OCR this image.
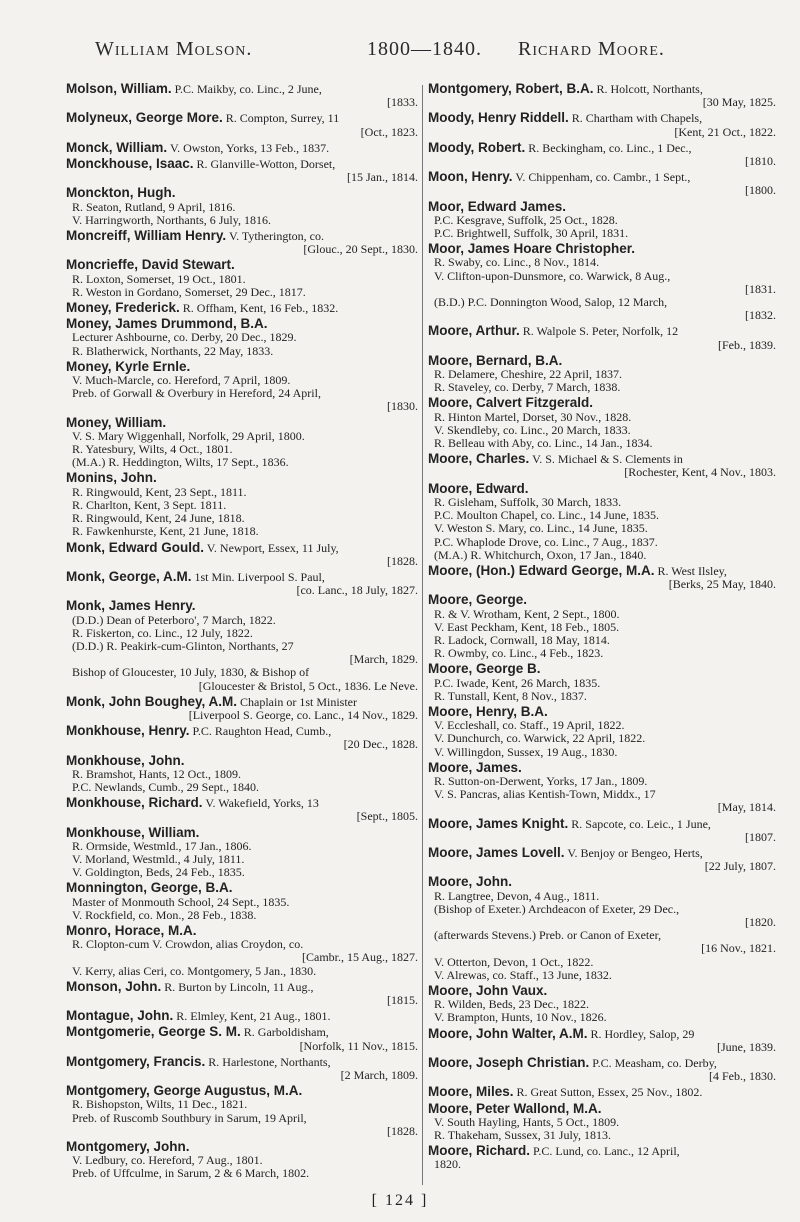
William Molson.	1800—1840. Richard Moore.
Molson, William. P.C. Maikby, co. Linc., 2 June,
[1833.
Molyneux, George More. R. Compton, Surrey, 11
[Oct., 1823.
Monck, William. V. Owston, Yorks, 13 Feb., 1837.
Monckhouse, Isaac. R. Glanville-Wotton, Dorset,
[15 Jan., 1814.
Monckton, Hugh.
R. Seaton, Rutland, 9 April, 1816.
V. Harringworth, Northants, 6 July, 1816.
Moncreiff, William Henry. V. Tytherington, co.
[Glouc., 20 Sept., 1830.
Moncrieffe, David Stewart.
R. Loxton, Somerset, 19 Oct., 1801.
R. Weston in Gordano, Somerset, 29 Dec., 1817.
Money, Frederick. R. Offham, Kent, 16 Feb., 1832.
Money, James Drummond, B.A.
Lecturer Ashbourne, co. Derby, 20 Dec., 1829.
R. Blatherwick, Northants, 22 May, 1833.
Money, Kyrle Ernle.
V. Much-Marcle, co. Hereford, 7 April, 1809.
Preb. of Gorwall & Overbury in Hereford, 24 April,
[1830.
Money, William.
V. S. Mary Wiggenhall, Norfolk, 29 April, 1800.
R. Yatesbury, Wilts, 4 Oct., 1801.
(M.A.) R. Heddington, Wilts, 17 Sept., 1836.
Monins, John.
R. Ringwould, Kent, 23 Sept., 1811.
R. Charlton, Kent, 3 Sept. 1811.
R. Ringwould, Kent, 24 June, 1818.
R. Fawkenhurste, Kent, 21 June, 1818.
Monk, Edward Gould. V. Newport, Essex, 11 July,
[1828.
Monk, George, A.M. 1st Min. Liverpool S. Paul,
[co. Lanc., 18 July, 1827.
Monk, James Henry.
(D.D.) Dean of Peterboro', 7 March, 1822.
R. Fiskerton, co. Linc., 12 July, 1822.
(D.D.) R. Peakirk-cum-Glinton, Northants, 27
[March, 1829.
Bishop of Gloucester, 10 July, 1830, & Bishop of
[Gloucester & Bristol, 5 Oct., 1836. Le Neve.
Monk, John Boughey, A.M. Chaplain or 1st Minister
[Liverpool S. George, co. Lanc., 14 Nov., 1829.
Monkhouse, Henry. P.C. Raughton Head, Cumb.,
[20 Dec., 1828.
Monkhouse, John.
R. Bramshot, Hants, 12 Oct., 1809.
P.C. Newlands, Cumb., 29 Sept., 1840.
Monkhouse, Richard. V. Wakefield, Yorks, 13
[Sept., 1805.
Monkhouse, William.
R. Ormside, Westmld., 17 Jan., 1806.
V. Morland, Westmld., 4 July, 1811.
V. Goldington, Beds, 24 Feb., 1835.
Monnington, George, B.A.
Master of Monmouth School, 24 Sept., 1835.
V. Rockfield, co. Mon., 28 Feb., 1838.
Monro, Horace, M.A.
R. Clopton-cum V. Crowdon, alias Croydon, co.
[Cambr., 15 Aug., 1827.
V. Kerry, alias Ceri, co. Montgomery, 5 Jan., 1830.
Monson, John. R. Burton by Lincoln, 11 Aug.,
[1815.
Montague, John. R. Elmley, Kent, 21 Aug., 1801.
Montgomerie, George S. M. R. Garboldisham,
[Norfolk, 11 Nov., 1815.
Montgomery, Francis. R. Harlestone, Northants,
[2 March, 1809.
Montgomery, George Augustus, M.A.
R. Bishopston, Wilts, 11 Dec., 1821.
Preb. of Ruscomb Southbury in Sarum, 19 April,
[1828.
Montgomery, John.
V. Ledbury, co. Hereford, 7 Aug., 1801.
Preb. of Uffculme, in Sarum, 2 & 6 March, 1802.
Montgomery, Robert, B.A. R. Holcott, Northants,
[30 May, 1825.
Moody, Henry Riddell. R. Chartham with Chapels,
[Kent, 21 Oct., 1822.
Moody, Robert. R. Beckingham, co. Linc., 1 Dec.,
[1810.
Moon, Henry. V. Chippenham, co. Cambr., 1 Sept.,
[1800.
Moor, Edward James.
P.C. Kesgrave, Suffolk, 25 Oct., 1828.
P.C. Brightwell, Suffolk, 30 April, 1831.
Moor, James Hoare Christopher.
R. Swaby, co. Linc., 8 Nov., 1814.
V. Clifton-upon-Dunsmore, co. Warwick, 8 Aug.,
[1831.
(B.D.) P.C. Donnington Wood, Salop, 12 March,
[1832.
Moore, Arthur. R. Walpole S. Peter, Norfolk, 12
[Feb., 1839.
Moore, Bernard, B.A.
R. Delamere, Cheshire, 22 April, 1837.
R. Staveley, co. Derby, 7 March, 1838.
Moore, Calvert Fitzgerald.
R. Hinton Martel, Dorset, 30 Nov., 1828.
V. Skendleby, co. Linc., 20 March, 1833.
R. Belleau with Aby, co. Linc., 14 Jan., 1834.
Moore, Charles. V. S. Michael & S. Clements in
[Rochester, Kent, 4 Nov., 1803.
Moore, Edward.
R. Gisleham, Suffolk, 30 March, 1833.
P.C. Moulton Chapel, co. Linc., 14 June, 1835.
V. Weston S. Mary, co. Linc., 14 June, 1835.
P.C. Whaplode Drove, co. Linc., 7 Aug., 1837.
(M.A.) R. Whitchurch, Oxon, 17 Jan., 1840.
Moore, (Hon.) Edward George, M.A. R. West Ilsley,
[Berks, 25 May, 1840.
Moore, George.
R. & V. Wrotham, Kent, 2 Sept., 1800.
V. East Peckham, Kent, 18 Feb., 1805.
R. Ladock, Cornwall, 18 May, 1814.
R. Owmby, co. Linc., 4 Feb., 1823.
Moore, George B.
P.C. Iwade, Kent, 26 March, 1835.
R. Tunstall, Kent, 8 Nov., 1837.
Moore, Henry, B.A.
V. Eccleshall, co. Staff., 19 April, 1822.
V. Dunchurch, co. Warwick, 22 April, 1822.
V. Willingdon, Sussex, 19 Aug., 1830.
Moore, James.
R. Sutton-on-Derwent, Yorks, 17 Jan., 1809.
V. S. Pancras, alias Kentish-Town, Middx., 17
[May, 1814.
Moore, James Knight. R. Sapcote, co. Leic., 1 June,
[1807.
Moore, James Lovell. V. Benjoy or Bengeo, Herts,
[22 July, 1807.
Moore, John.
R. Langtree, Devon, 4 Aug., 1811.
(Bishop of Exeter.) Archdeacon of Exeter, 29 Dec.,
[1820.
(afterwards Stevens.) Preb. or Canon of Exeter,
[16 Nov., 1821.
V. Otterton, Devon, 1 Oct., 1822.
V. Alrewas, co. Staff., 13 June, 1832.
Moore, John Vaux.
R. Wilden, Beds, 23 Dec., 1822.
V. Brampton, Hunts, 10 Nov., 1826.
Moore, John Walter, A.M. R. Hordley, Salop, 29
[June, 1839.
Moore, Joseph Christian. P.C. Measham, co. Derby,
[4 Feb., 1830.
Moore, Miles. R. Great Sutton, Essex, 25 Nov., 1802.
Moore, Peter Wallond, M.A.
V. South Hayling, Hants, 5 Oct., 1809.
R. Thakeham, Sussex, 31 July, 1813.
Moore, Richard. P.C. Lund, co. Lanc., 12 April,
1820.
[ 124 ]
